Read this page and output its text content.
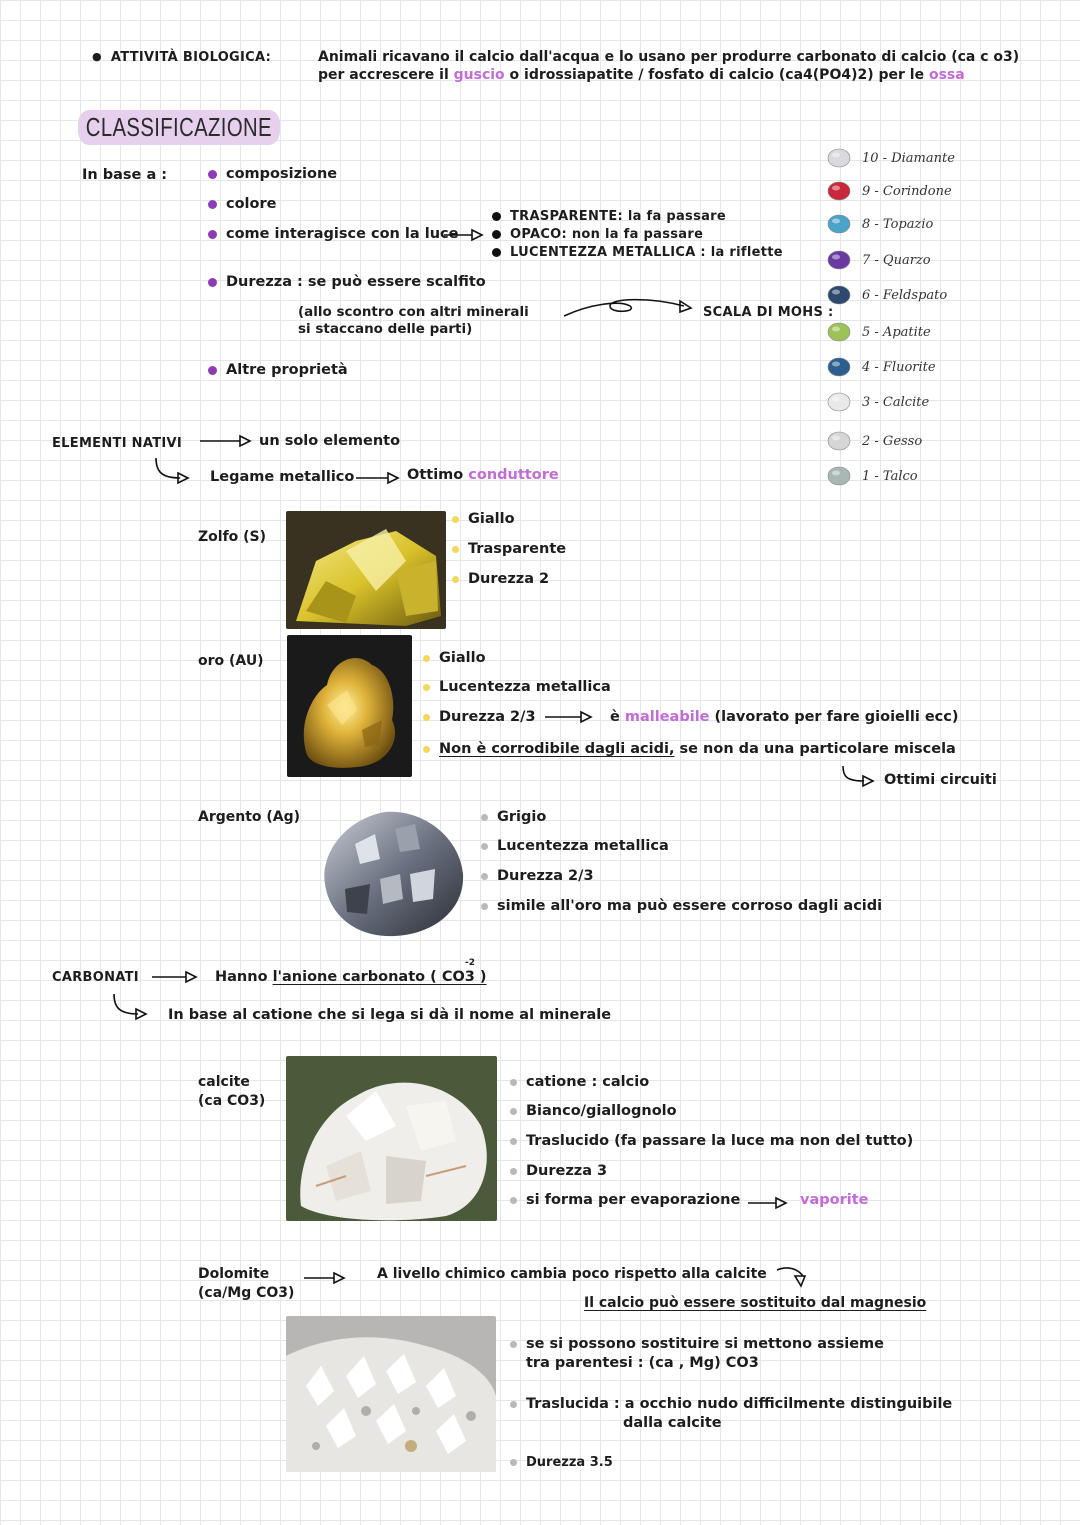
● ATTIVITÀ BIOLOGICA:	Animali ricavano il calcio dall'acqua e lo usano per produrre carbonato di calcio (ca c o3)
per accrescere il guscio o idrossiapatite / fosfato di calcio (ca4(PO4)2) per le ossa
CLASSIFICAZIONE
In base a :	composizione
colore
come interagisce con la luce
TRASPARENTE: la fa passare
OPACO: non la fa passare
LUCENTEZZA METALLICA : la riflette
Durezza : se può essere scalfito
(allo scontro con altri minerali
si staccano delle parti)
SCALA DI MOHS :
Altre proprietà
10 - Diamante
9 - Corindone
8 - Topazio
7 - Quarzo
6 - Feldspato
5 - Apatite
4 - Fluorite
3 - Calcite
2 - Gesso
1 - Talco
ELEMENTI NATIVI	un solo elemento
Legame metallico	Ottimo conduttore
Zolfo (S)
Giallo
Trasparente
Durezza 2
oro (AU)	Giallo
Lucentezza metallica
Durezza 2/3	è malleabile (lavorato per fare gioielli ecc)
Non è corrodibile dagli acidi, se non da una particolare miscela
Ottimi circuiti
Argento (Ag)	Grigio
Lucentezza metallica
Durezza 2/3
simile all'oro ma può essere corroso dagli acidi
CARBONATI	Hanno l'anione carbonato ( CO3 )
-2
In base al catione che si lega si dà il nome al minerale
calcite
(ca CO3)
catione : calcio
Bianco/giallognolo
Traslucido (fa passare la luce ma non del tutto)
Durezza 3
si forma per evaporazione	vaporite
Dolomite
(ca/Mg CO3)
A livello chimico cambia poco rispetto alla calcite
Il calcio può essere sostituito dal magnesio
se si possono sostituire si mettono assieme
tra parentesi : (ca , Mg) CO3
Traslucida : a occhio nudo difficilmente distinguibile
dalla calcite
Durezza 3.5
